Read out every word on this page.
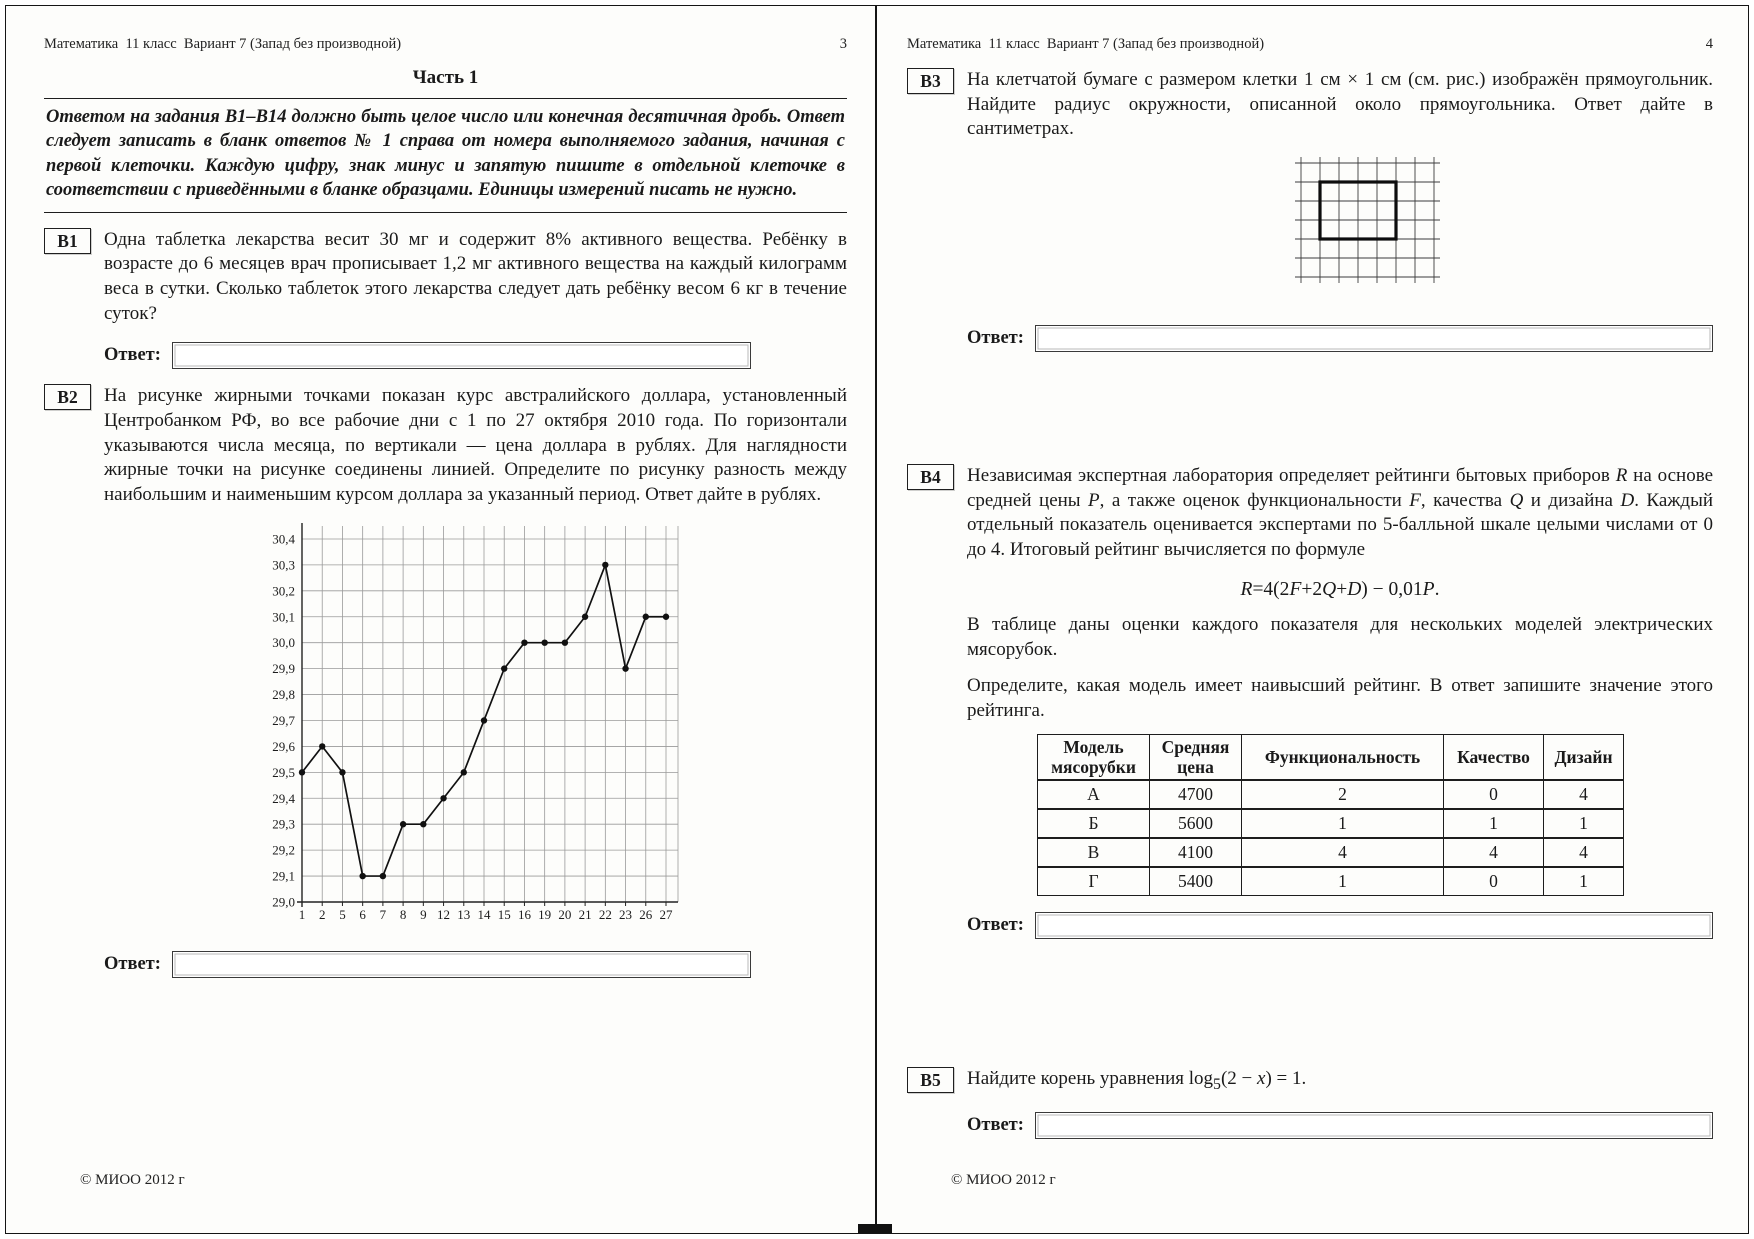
Математика  11 класс  Вариант 7 (Запад без производной)	3
Часть 1
Ответом на задания В1–В14 должно быть целое число или конечная десятичная дробь. Ответ следует записать в бланк ответов № 1 справа от номера выполняемого задания, начиная с первой клеточки. Каждую цифру, знак минус и запятую пишите в отдельной клеточке в соответствии с приведёнными в бланке образцами. Единицы измерений писать не нужно.
В1	Одна таблетка лекарства весит 30 мг и содержит 8% активного вещества. Ребёнку в возрасте до 6 месяцев врач прописывает 1,2 мг активного вещества на каждый килограмм веса в сутки. Сколько таблеток этого лекарства следует дать ребёнку весом 6 кг в течение суток?

Ответ:
В2	На рисунке жирными точками показан курс австралийского доллара, установленный Центробанком РФ, во все рабочие дни с 1 по 27 октября 2010 года. По горизонтали указываются числа месяца, по вертикали — цена доллара в рублях. Для наглядности жирные точки на рисунке соединены линией. Определите по рисунку разность между наибольшим и наименьшим курсом доллара за указанный период. Ответ дайте в рублях.

29,0
29,1
29,2
29,3
29,4
29,5
29,6
29,7
29,8
29,9
30,0
30,1
30,2
30,3
30,4
1 2 5 6 7 8 9 12 13 14 15 16 19 20 21 22 23 26 27
Ответ:
© МИОО 2012 г
Математика  11 класс  Вариант 7 (Запад без производной)	4
В3	На клетчатой бумаге с размером клетки 1 см × 1 см (см. рис.) изображён прямоугольник. Найдите радиус окружности, описанной около прямоугольника. Ответ дайте в сантиметрах.

Ответ:
В4	Независимая экспертная лаборатория определяет рейтинги бытовых приборов R на основе средней цены P, а также оценок функциональности F, качества Q и дизайна D. Каждый отдельный показатель оценивается экспертами по 5-балльной шкале целыми числами от 0 до 4. Итоговый рейтинг вычисляется по формуле

R=4(2F+2Q+D) − 0,01P.

В таблице даны оценки каждого показателя для нескольких моделей электрических мясорубок.

Определите, какая модель имеет наивысший рейтинг. В ответ запишите значение этого рейтинга.

Модель мясорубки	Средняя цена	Функциональность	Качество	Дизайн
А	4700	2	0	4
Б	5600	1	1	1
В	4100	4	4	4
Г	5400	1	0	1
Ответ:
В5	Найдите корень уравнения $\log_5(2 - x) = 1$.

Ответ:
© МИОО 2012 г
